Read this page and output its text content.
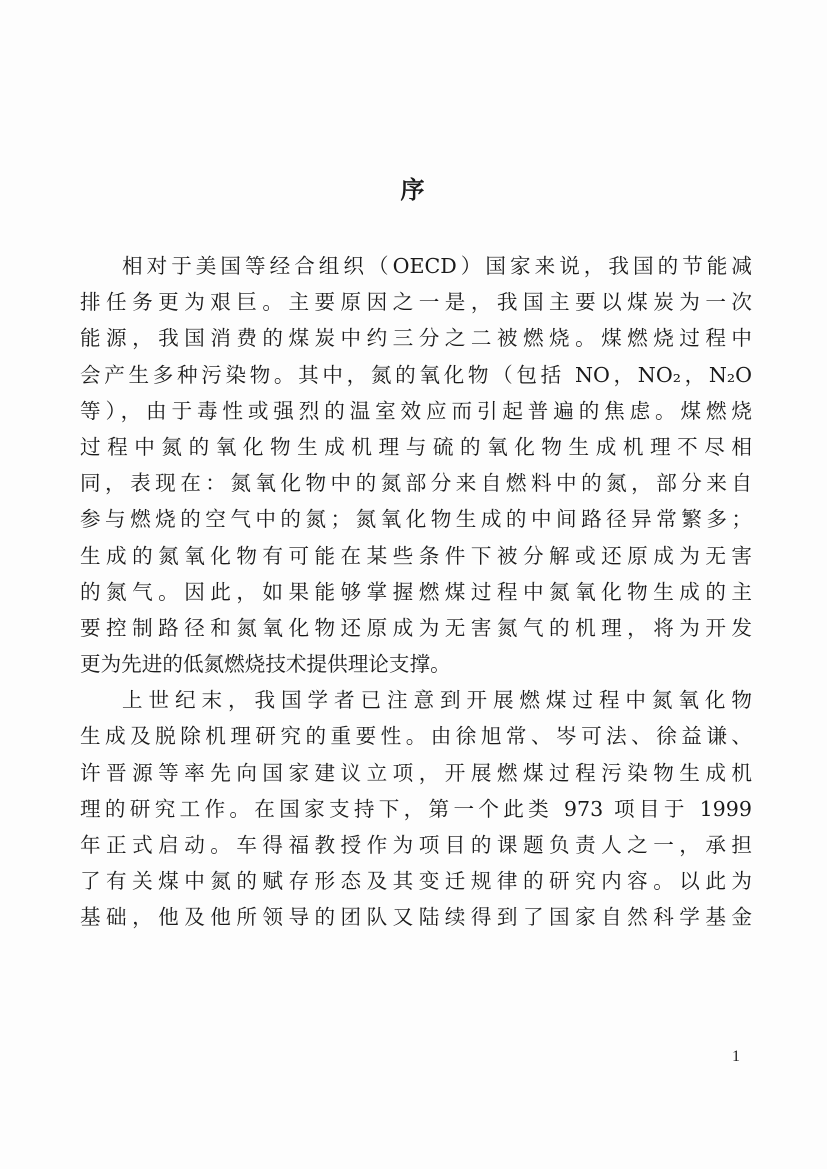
序
相对于美国等经合组织（OECD）国家来说，我国的节能减
排任务更为艰巨。主要原因之一是，我国主要以煤炭为一次
能源，我国消费的煤炭中约三分之二被燃烧。煤燃烧过程中
会产生多种污染物。其中，氮的氧化物（包括 NO，NO₂，N₂O
等），由于毒性或强烈的温室效应而引起普遍的焦虑。煤燃烧
过程中氮的氧化物生成机理与硫的氧化物生成机理不尽相
同，表现在：氮氧化物中的氮部分来自燃料中的氮，部分来自
参与燃烧的空气中的氮；氮氧化物生成的中间路径异常繁多；
生成的氮氧化物有可能在某些条件下被分解或还原成为无害
的氮气。因此，如果能够掌握燃煤过程中氮氧化物生成的主
要控制路径和氮氧化物还原成为无害氮气的机理，将为开发
更为先进的低氮燃烧技术提供理论支撑。
上世纪末，我国学者已注意到开展燃煤过程中氮氧化物
生成及脱除机理研究的重要性。由徐旭常、岑可法、徐益谦、
许晋源等率先向国家建议立项，开展燃煤过程污染物生成机
理的研究工作。在国家支持下，第一个此类 973 项目于 1999
年正式启动。车得福教授作为项目的课题负责人之一，承担
了有关煤中氮的赋存形态及其变迁规律的研究内容。以此为
基础，他及他所领导的团队又陆续得到了国家自然科学基金
1
